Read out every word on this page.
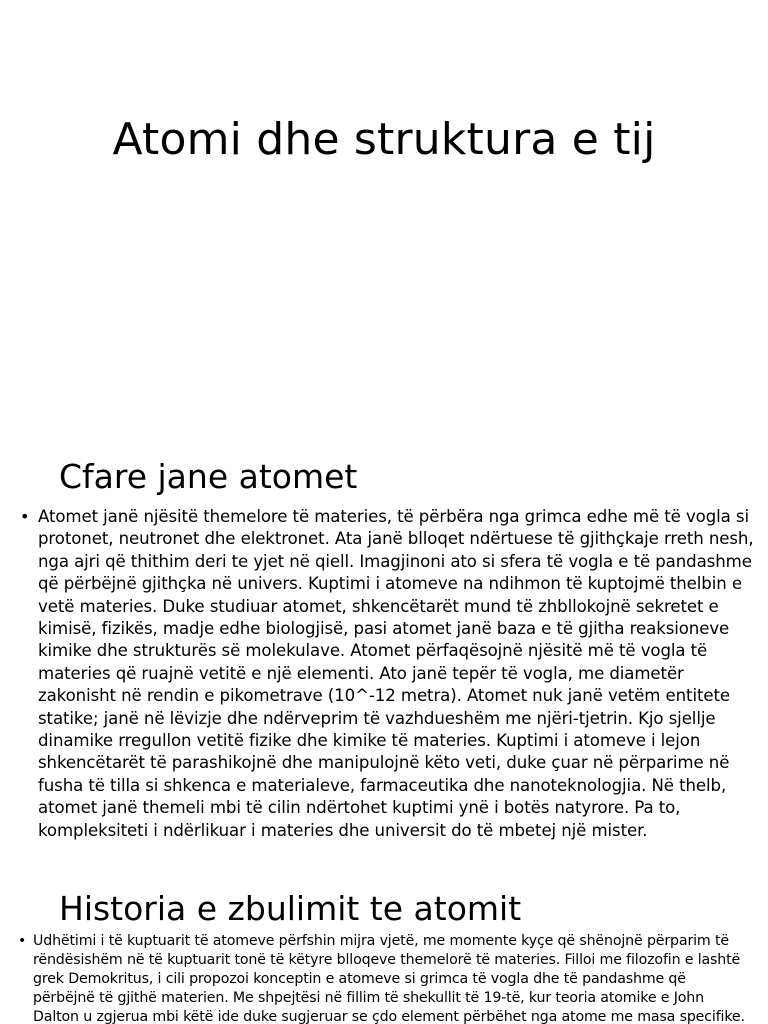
Atomi dhe struktura e tij
Cfare jane atomet
• Atomet janë njësitë themelore të materies, të përbëra nga grimca edhe më të vogla si protonet, neutronet dhe elektronet. Ata janë blloqet ndërtuese të gjithçkaje rreth nesh, nga ajri që thithim deri te yjet në qiell. Imagjinoni ato si sfera të vogla e të pandashme që përbëjnë gjithçka në univers. Kuptimi i atomeve na ndihmon të kuptojmë thelbin e vetë materies. Duke studiuar atomet, shkencëtarët mund të zhbllokojnë sekretet e kimisë, fizikës, madje edhe biologjisë, pasi atomet janë baza e të gjitha reaksioneve kimike dhe strukturës së molekulave. Atomet përfaqësojnë njësitë më të vogla të materies që ruajnë vetitë e një elementi. Ato janë tepër të vogla, me diametër zakonisht në rendin e pikometrave (10^-12 metra). Atomet nuk janë vetëm entitete statike; janë në lëvizje dhe ndërveprim të vazhdueshëm me njëri-tjetrin. Kjo sjellje dinamike rregullon vetitë fizike dhe kimike të materies. Kuptimi i atomeve i lejon shkencëtarët të parashikojnë dhe manipulojnë këto veti, duke çuar në përparime në fusha të tilla si shkenca e materialeve, farmaceutika dhe nanoteknologjia. Në thelb, atomet janë themeli mbi të cilin ndërtohet kuptimi ynë i botës natyrore. Pa to, kompleksiteti i ndërlikuar i materies dhe universit do të mbetej një mister.
Historia e zbulimit te atomit
• Udhëtimi i të kuptuarit të atomeve përfshin mijra vjetë, me momente kyçe që shënojnë përparim të rëndësishëm në të kuptuarit tonë të këtyre blloqeve themelorë të materies. Filloi me filozofin e lashtë grek Demokritus, i cili propozoi konceptin e atomeve si grimca të vogla dhe të pandashme që përbëjnë të gjithë materien. Me shpejtësi në fillim të shekullit të 19-të, kur teoria atomike e John Dalton u zgjerua mbi këtë ide duke sugjeruar se çdo element përbëhet nga atome me masa specifike.
